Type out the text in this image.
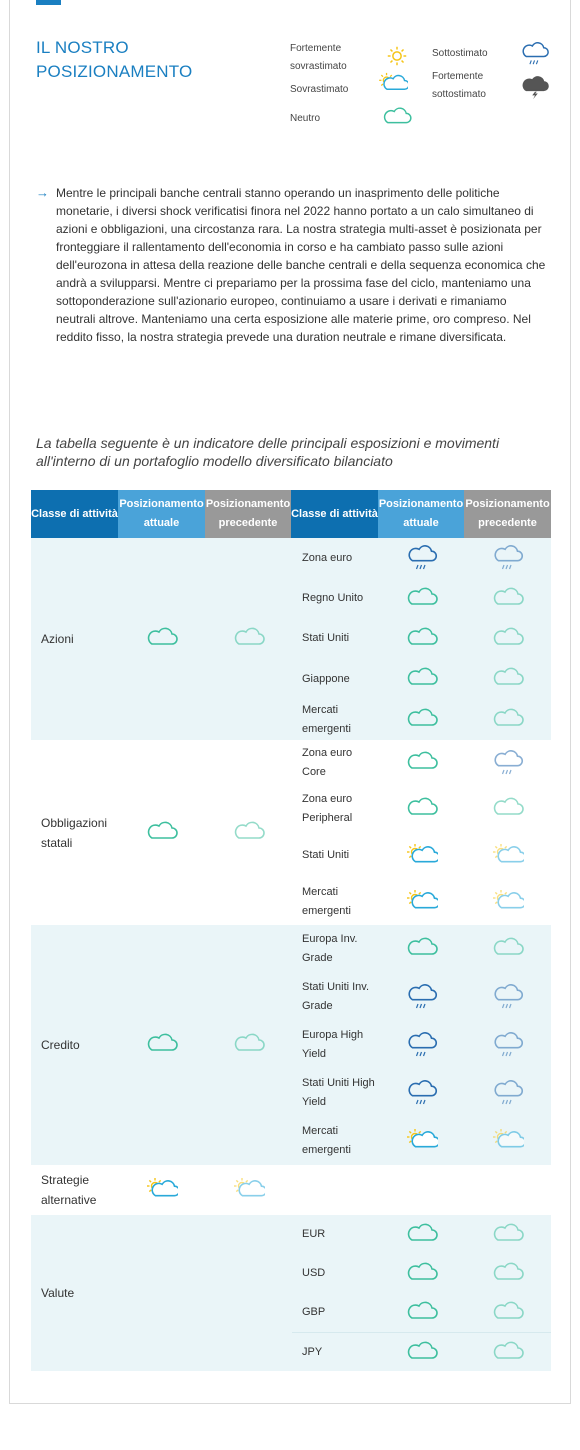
IL NOSTRO POSIZIONAMENTO
Fortemente sovrastimato
Sovrastimato
Neutro
Sottostimato
Fortemente sottostimato
→ Mentre le principali banche centrali stanno operando un inasprimento delle politiche monetarie, i diversi shock verificatisi finora nel 2022 hanno portato a un calo simultaneo di azioni e obbligazioni, una circostanza rara. La nostra strategia multi-asset è posizionata per fronteggiare il rallentamento dell'economia in corso e ha cambiato passo sulle azioni dell'eurozona in attesa della reazione delle banche centrali e della sequenza economica che andrà a svilupparsi. Mentre ci prepariamo per la prossima fase del ciclo, manteniamo una sottoponderazione sull'azionario europeo, continuiamo a usare i derivati e rimaniamo neutrali altrove. Manteniamo una certa esposizione alle materie prime, oro compreso. Nel reddito fisso, la nostra strategia prevede una duration neutrale e rimane diversificata.
La tabella seguente è un indicatore delle principali esposizioni e movimenti all'interno di un portafoglio modello diversificato bilanciato
Classe di attività
Posizionamento attuale
Posizionamento precedente
Classe di attività
Posizionamento attuale
Posizionamento precedente
Azioni
Zona euro
Regno Unito
Stati Uniti
Giappone
Mercati emergenti
Obbligazioni statali
Zona euro Core
Zona euro Peripheral
Stati Uniti
Mercati emergenti
Credito
Europa Inv. Grade
Stati Uniti Inv. Grade
Europa High Yield
Stati Uniti High Yield
Mercati emergenti
Strategie alternative
Valute
EUR
USD
GBP
JPY
